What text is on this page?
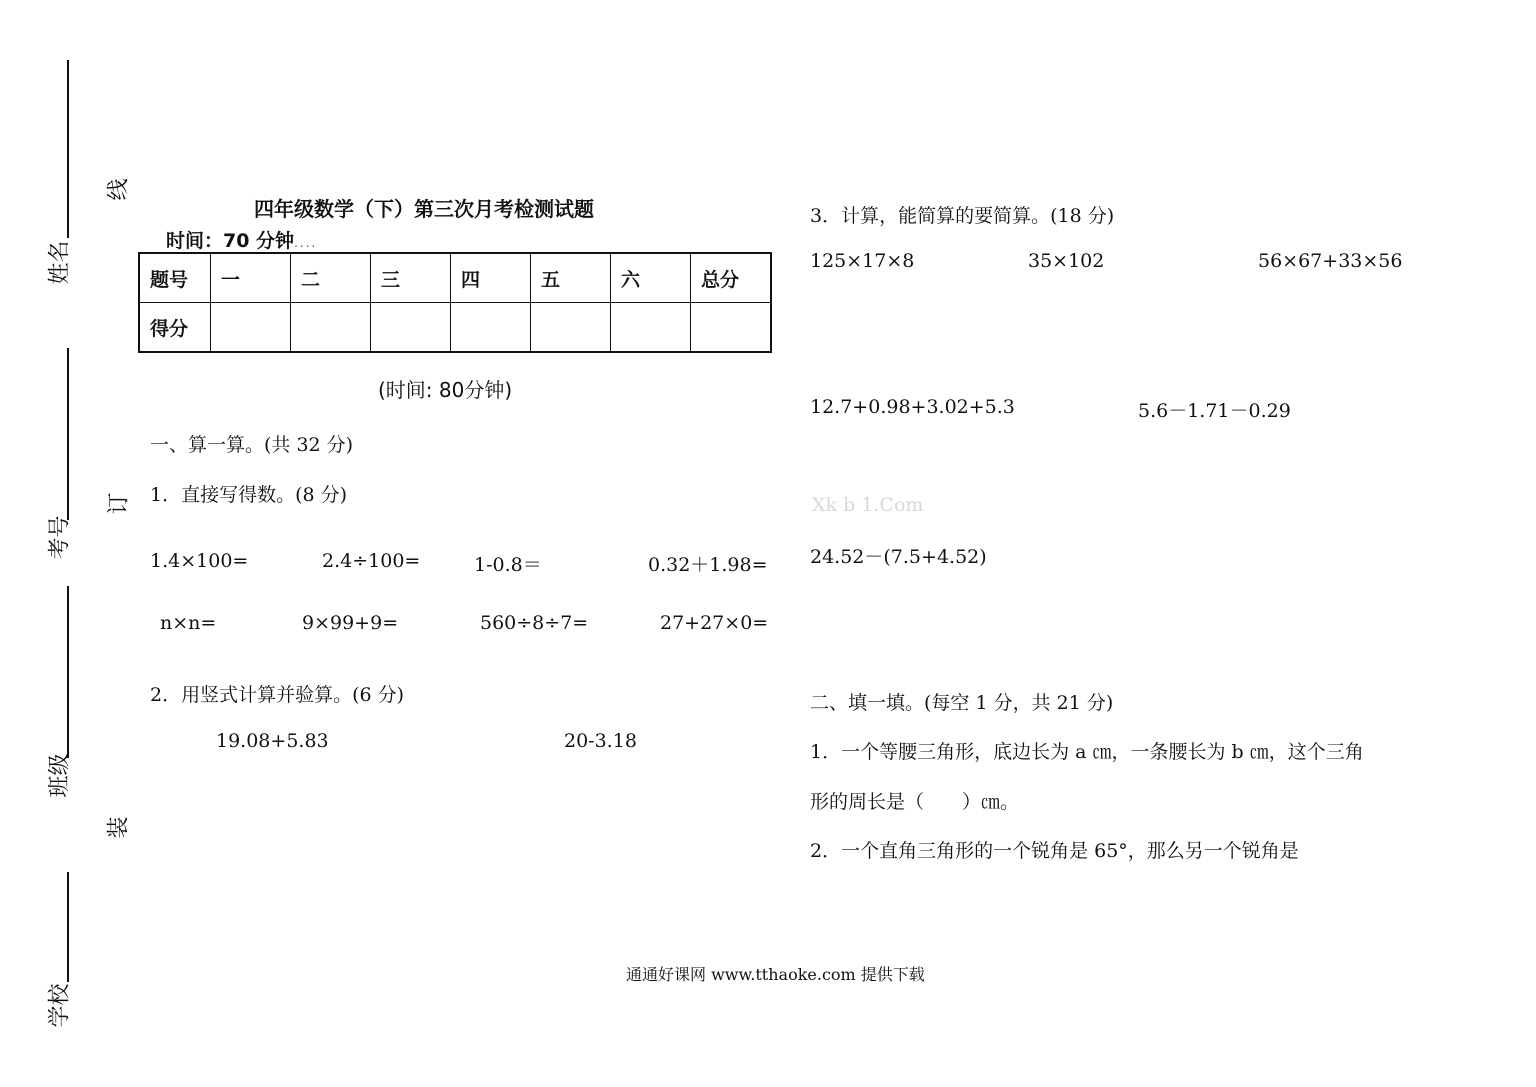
姓名
考号
班级
学校
线
订
装
四年级数学（下）第三次月考检测试题
时间：70 分钟....
题号	一	二	三	四	五	六	总分
得分							
(时间: 80分钟)
一、算一算。(共 32 分)
1．直接写得数。(8 分)
1.4×100=	2.4÷100=	1-0.8＝	0.32＋1.98=
n×n=	9×99+9=	560÷8÷7=	27+27×0=
2．用竖式计算并验算。(6 分)
19.08+5.83	20-3.18
3．计算，能简算的要简算。(18 分)
125×17×8	35×102	56×67+33×56
12.7+0.98+3.02+5.3	5.6－1.71－0.29
Xk b 1.Com
24.52－(7.5+4.52)
二、填一填。(每空 1 分，共 21 分)
1．一个等腰三角形，底边长为 a ㎝，一条腰长为 b ㎝，这个三角
形的周长是（　　）㎝。
2．一个直角三角形的一个锐角是 65°，那么另一个锐角是
通通好课网 www.tthaoke.com 提供下载
